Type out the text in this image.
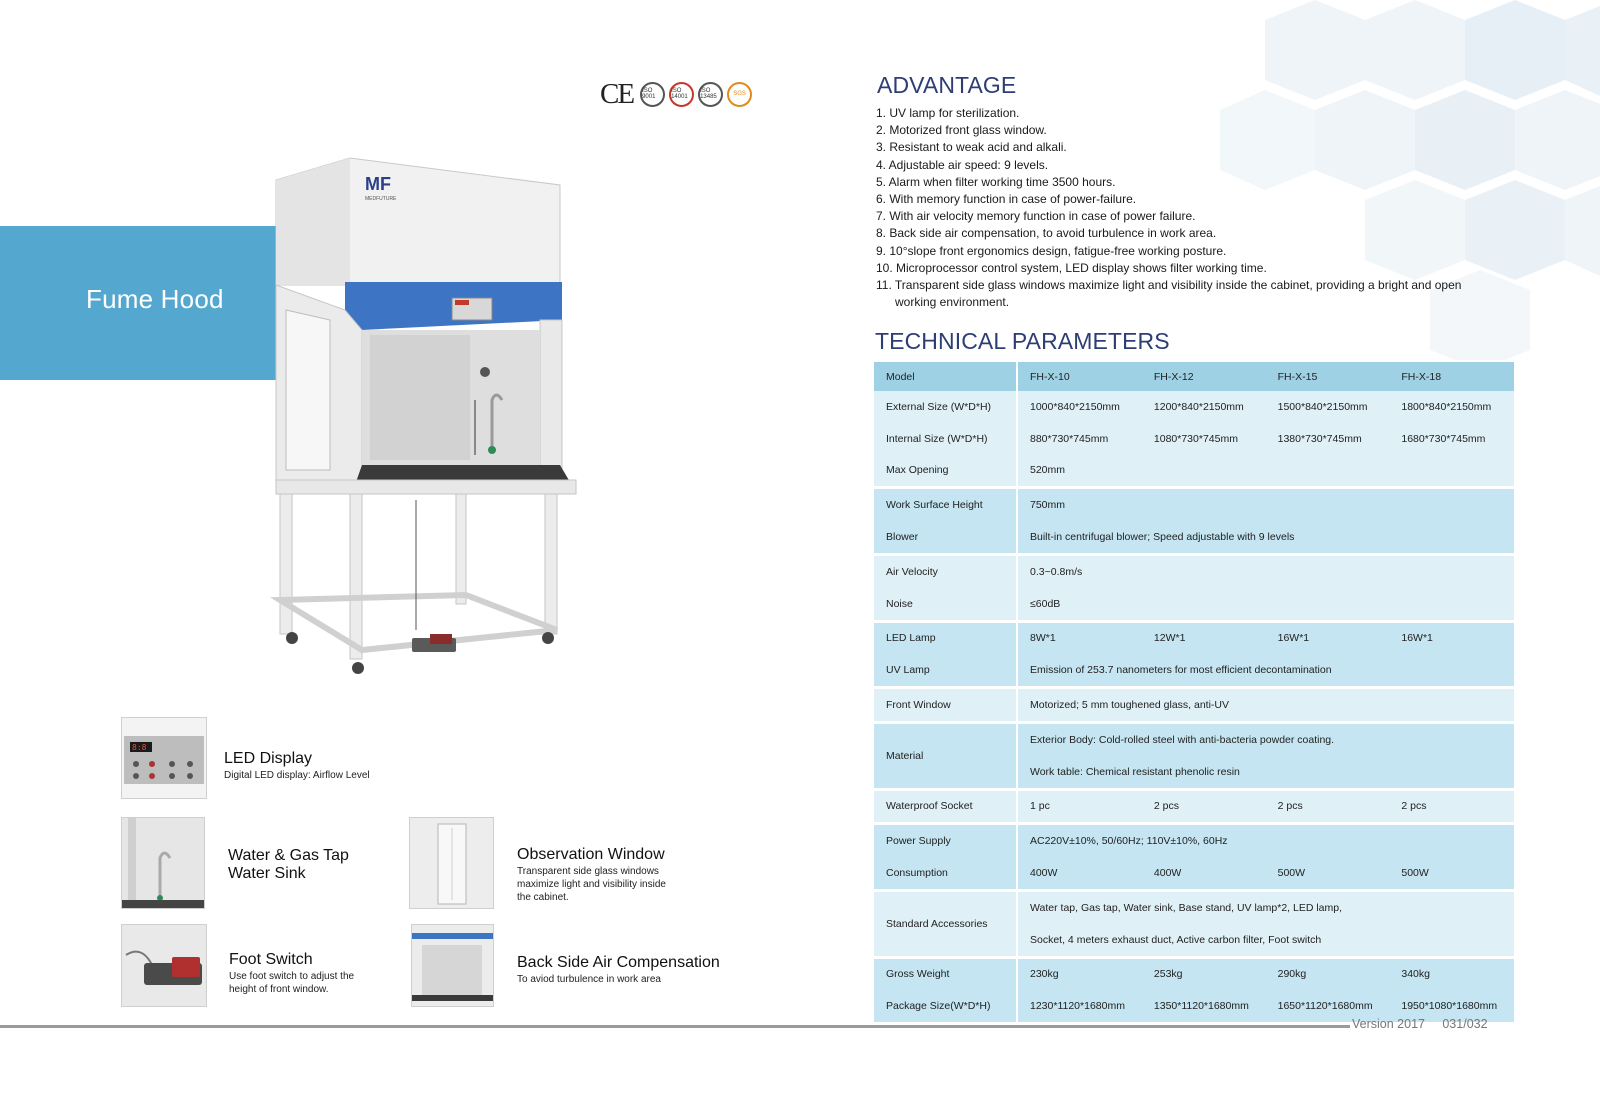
Fume Hood
CE	ISO 9001
ISO 14001
ISO 13485	SGS
MF
MEDFUTURE
8:8
LED Display
Digital LED display: Airflow Level
Water & Gas Tap
Water Sink
Observation Window
Transparent side glass windows maximize light and visibility inside the cabinet.
Foot Switch
Use foot switch to adjust the height of front window.
Back Side Air Compensation
To aviod turbulence in work area
ADVANTAGE
1. UV lamp for sterilization.
2. Motorized front glass window.
3. Resistant to weak acid and alkali.
4. Adjustable air speed: 9 levels.
5. Alarm when filter working time 3500 hours.
6. With memory function in case of power-failure.
7. With air velocity memory function in case of power failure.
8. Back side air compensation, to avoid turbulence in work area.
9. 10°slope front ergonomics design, fatigue-free working posture.
10. Microprocessor control system, LED display shows filter working time.
11. Transparent side glass windows maximize light and visibility inside the cabinet, providing a bright and open working environment.
TECHNICAL PARAMETERS
Model	FH-X-10	FH-X-12	FH-X-15	FH-X-18
External Size (W*D*H)	1000*840*2150mm	1200*840*2150mm	1500*840*2150mm	1800*840*2150mm
Internal Size (W*D*H)	880*730*745mm	1080*730*745mm	1380*730*745mm	1680*730*745mm
Max Opening	520mm			
Work Surface Height	750mm			
Blower	Built-in centrifugal blower; Speed adjustable with 9 levels			
Air Velocity	0.3~0.8m/s			
Noise	≤60dB			
LED Lamp	8W*1	12W*1	16W*1	16W*1
UV Lamp	Emission of 253.7 nanometers for most efficient decontamination			
Front Window	Motorized; 5 mm toughened glass, anti-UV			
Material	Exterior Body: Cold-rolled steel with anti-bacteria powder coating.			
	Work table: Chemical resistant phenolic resin			
Waterproof Socket	1 pc	2 pcs	2 pcs	2 pcs
Power Supply	AC220V±10%, 50/60Hz; 110V±10%, 60Hz			
Consumption	400W	400W	500W	500W
Standard Accessories	Water tap, Gas tap, Water sink, Base stand, UV lamp*2, LED lamp,			
	Socket, 4 meters exhaust duct, Active carbon filter, Foot switch			
Gross Weight	230kg	253kg	290kg	340kg
Package Size(W*D*H)	1230*1120*1680mm	1350*1120*1680mm	1650*1120*1680mm	1950*1080*1680mm
Version 2017 031/032
